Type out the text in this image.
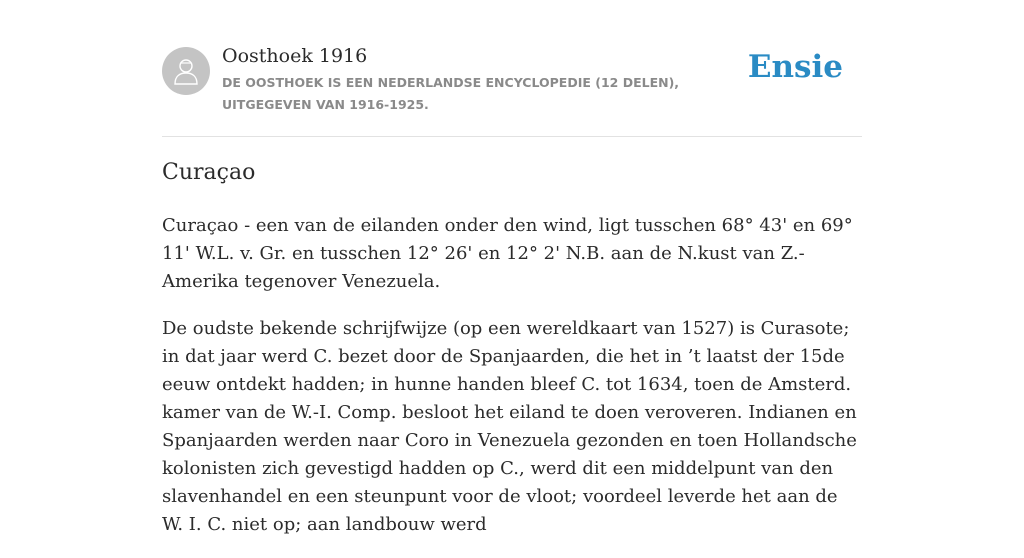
Oosthoek 1916
DE OOSTHOEK IS EEN NEDERLANDSE ENCYCLOPEDIE (12 DELEN), UITGEGEVEN VAN 1916-1925.
Ensie
Curaçao

Curaçao - een van de eilanden onder den wind, ligt tusschen 68° 43' en 69° 11' W.L. v. Gr. en tusschen 12° 26' en 12° 2' N.B. aan de N.kust van Z.-Amerika tegenover Venezuela.

De oudste bekende schrijfwijze (op een wereldkaart van 1527) is Curasote; in dat jaar werd C. bezet door de Spanjaarden, die het in ’t laatst der 15de eeuw ontdekt hadden; in hunne handen bleef C. tot 1634, toen de Amsterd. kamer van de W.-I. Comp. besloot het eiland te doen veroveren. Indianen en Spanjaarden werden naar Coro in Venezuela gezonden en toen Hollandsche kolonisten zich gevestigd hadden op C., werd dit een middelpunt van den slavenhandel en een steunpunt voor de vloot; voordeel leverde het aan de W. I. C. niet op; aan landbouw werd
